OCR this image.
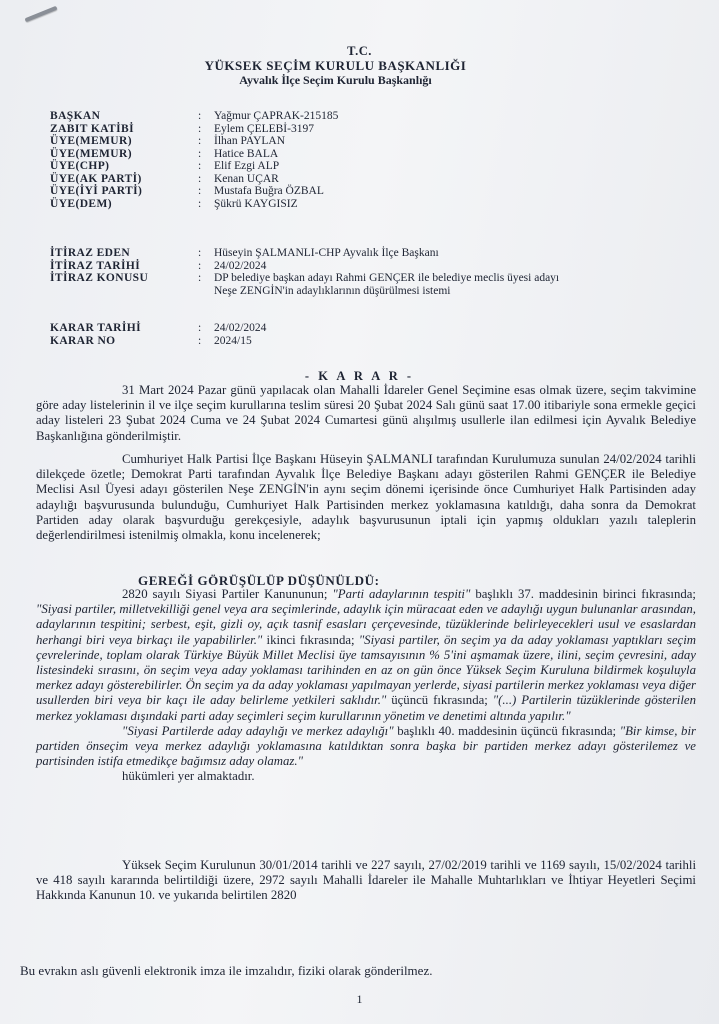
T.C.
YÜKSEK SEÇİM KURULU BAŞKANLIĞI
Ayvalık İlçe Seçim Kurulu Başkanlığı
BAŞKAN	:	Yağmur ÇAPRAK-215185
ZABIT KATİBİ	:	Eylem ÇELEBİ-3197
ÜYE(MEMUR)	:	İlhan PAYLAN
ÜYE(MEMUR)	:	Hatice BALA
ÜYE(CHP)	:	Elif Ezgi ALP
ÜYE(AK PARTİ)	:	Kenan UÇAR
ÜYE(İYİ PARTİ)	:	Mustafa Buğra ÖZBAL
ÜYE(DEM)	:	Şükrü KAYGISIZ
İTİRAZ EDEN	:	Hüseyin ŞALMANLI-CHP Ayvalık İlçe Başkanı
İTİRAZ TARİHİ	:	24/02/2024
İTİRAZ KONUSU	:	DP belediye başkan adayı Rahmi GENÇER ile belediye meclis üyesi adayı
Neşe ZENGİN'in adaylıklarının düşürülmesi istemi
KARAR TARİHİ	:	24/02/2024
KARAR NO	:	2024/15
- K A R A R -

31 Mart 2024 Pazar günü yapılacak olan Mahalli İdareler Genel Seçimine esas olmak üzere, seçim takvimine göre aday listelerinin il ve ilçe seçim kurullarına teslim süresi 20 Şubat 2024 Salı günü saat 17.00 itibariyle sona ermekle geçici aday listeleri 23 Şubat 2024 Cuma ve 24 Şubat 2024 Cumartesi günü alışılmış usullerle ilan edilmesi için Ayvalık Belediye Başkanlığına gönderilmiştir.

Cumhuriyet Halk Partisi İlçe Başkanı Hüseyin ŞALMANLI tarafından Kurulumuza sunulan 24/02/2024 tarihli dilekçede özetle; Demokrat Parti tarafından Ayvalık İlçe Belediye Başkanı adayı gösterilen Rahmi GENÇER ile Belediye Meclisi Asıl Üyesi adayı gösterilen Neşe ZENGİN'in aynı seçim dönemi içerisinde önce Cumhuriyet Halk Partisinden aday adaylığı başvurusunda bulunduğu, Cumhuriyet Halk Partisinden merkez yoklamasına katıldığı, daha sonra da Demokrat Partiden aday olarak başvurduğu gerekçesiyle, adaylık başvurusunun iptali için yapmış oldukları yazılı taleplerin değerlendirilmesi istenilmiş olmakla, konu incelenerek;

GEREĞİ GÖRÜŞÜLÜP DÜŞÜNÜLDÜ:

2820 sayılı Siyasi Partiler Kanununun; "Parti adaylarının tespiti" başlıklı 37. maddesinin birinci fıkrasında; "Siyasi partiler, milletvekilliği genel veya ara seçimlerinde, adaylık için müracaat eden ve adaylığı uygun bulunanlar arasından, adaylarının tespitini; serbest, eşit, gizli oy, açık tasnif esasları çerçevesinde, tüzüklerinde belirleyecekleri usul ve esaslardan herhangi biri veya birkaçı ile yapabilirler." ikinci fıkrasında; "Siyasi partiler, ön seçim ya da aday yoklaması yaptıkları seçim çevrelerinde, toplam olarak Türkiye Büyük Millet Meclisi üye tamsayısının % 5'ini aşmamak üzere, ilini, seçim çevresini, aday listesindeki sırasını, ön seçim veya aday yoklaması tarihinden en az on gün önce Yüksek Seçim Kuruluna bildirmek koşuluyla merkez adayı gösterebilirler. Ön seçim ya da aday yoklaması yapılmayan yerlerde, siyasi partilerin merkez yoklaması veya diğer usullerden biri veya bir kaçı ile aday belirleme yetkileri saklıdır." üçüncü fıkrasında; "(...) Partilerin tüzüklerinde gösterilen merkez yoklaması dışındaki parti aday seçimleri seçim kurullarının yönetim ve denetimi altında yapılır."

"Siyasi Partilerde aday adaylığı ve merkez adaylığı" başlıklı 40. maddesinin üçüncü fıkrasında; "Bir kimse, bir partiden önseçim veya merkez adaylığı yoklamasına katıldıktan sonra başka bir partiden merkez adayı gösterilemez ve partisinden istifa etmedikçe bağımsız aday olamaz."

hükümleri yer almaktadır.

Yüksek Seçim Kurulunun 30/01/2014 tarihli ve 227 sayılı, 27/02/2019 tarihli ve 1169 sayılı, 15/02/2024 tarihli ve 418 sayılı kararında belirtildiği üzere, 2972 sayılı Mahalli İdareler ile Mahalle Muhtarlıkları ve İhtiyar Heyetleri Seçimi Hakkında Kanunun 10. ve yukarıda belirtilen 2820

Bu evrakın aslı güvenli elektronik imza ile imzalıdır, fiziki olarak gönderilmez.
1
